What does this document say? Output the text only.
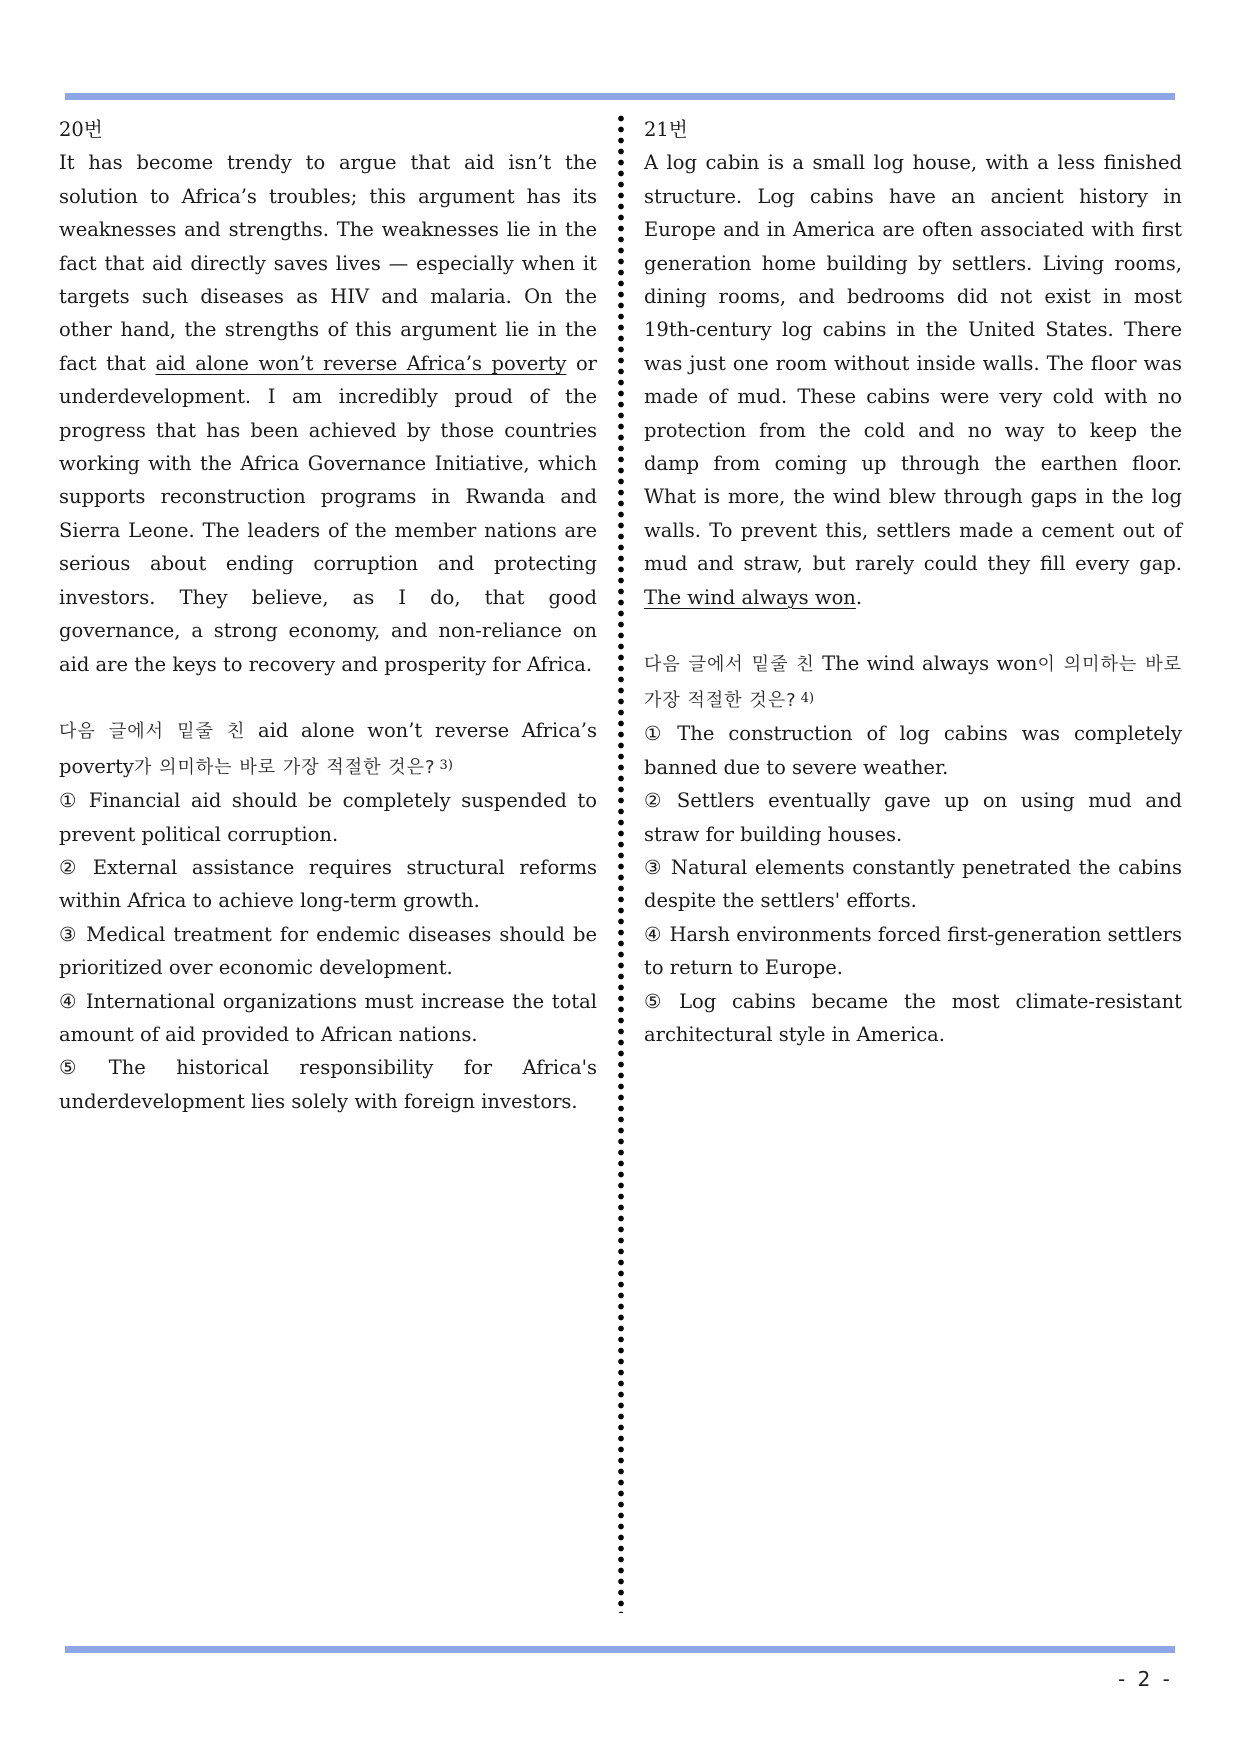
20번

It has become trendy to argue that aid isn’t the solution to Africa’s troubles; this argument has its weaknesses and strengths. The weaknesses lie in the fact that aid directly saves lives — especially when it targets such diseases as HIV and malaria. On the other hand, the strengths of this argument lie in the fact that aid alone won’t reverse Africa’s poverty or underdevelopment. I am incredibly proud of the progress that has been achieved by those countries working with the Africa Governance Initiative, which supports reconstruction programs in Rwanda and Sierra Leone. The leaders of the member nations are serious about ending corruption and protecting investors. They believe, as I do, that good governance, a strong economy, and non-reliance on aid are the keys to recovery and prosperity for Africa.

다음 글에서 밑줄 친 aid alone won’t reverse Africa’s poverty가 의미하는 바로 가장 적절한 것은? $^{3)}$

① Financial aid should be completely suspended to prevent political corruption.
② External assistance requires structural reforms within Africa to achieve long-term growth.
③ Medical treatment for endemic diseases should be prioritized over economic development.
④ International organizations must increase the total amount of aid provided to African nations.
⑤ The historical responsibility for Africa's underdevelopment lies solely with foreign investors.
21번

A log cabin is a small log house, with a less finished structure. Log cabins have an ancient history in Europe and in America are often associated with first generation home building by settlers. Living rooms, dining rooms, and bedrooms did not exist in most 19th-century log cabins in the United States. There was just one room without inside walls. The floor was made of mud. These cabins were very cold with no protection from the cold and no way to keep the damp from coming up through the earthen floor. What is more, the wind blew through gaps in the log walls. To prevent this, settlers made a cement out of mud and straw, but rarely could they fill every gap. The wind always won.

다음 글에서 밑줄 친 The wind always won이 의미하는 바로 가장 적절한 것은? $^{4)}$

① The construction of log cabins was completely banned due to severe weather.
② Settlers eventually gave up on using mud and straw for building houses.
③ Natural elements constantly penetrated the cabins despite the settlers' efforts.
④ Harsh environments forced first-generation settlers to return to Europe.
⑤ Log cabins became the most climate-resistant architectural style in America.
- 2 -
